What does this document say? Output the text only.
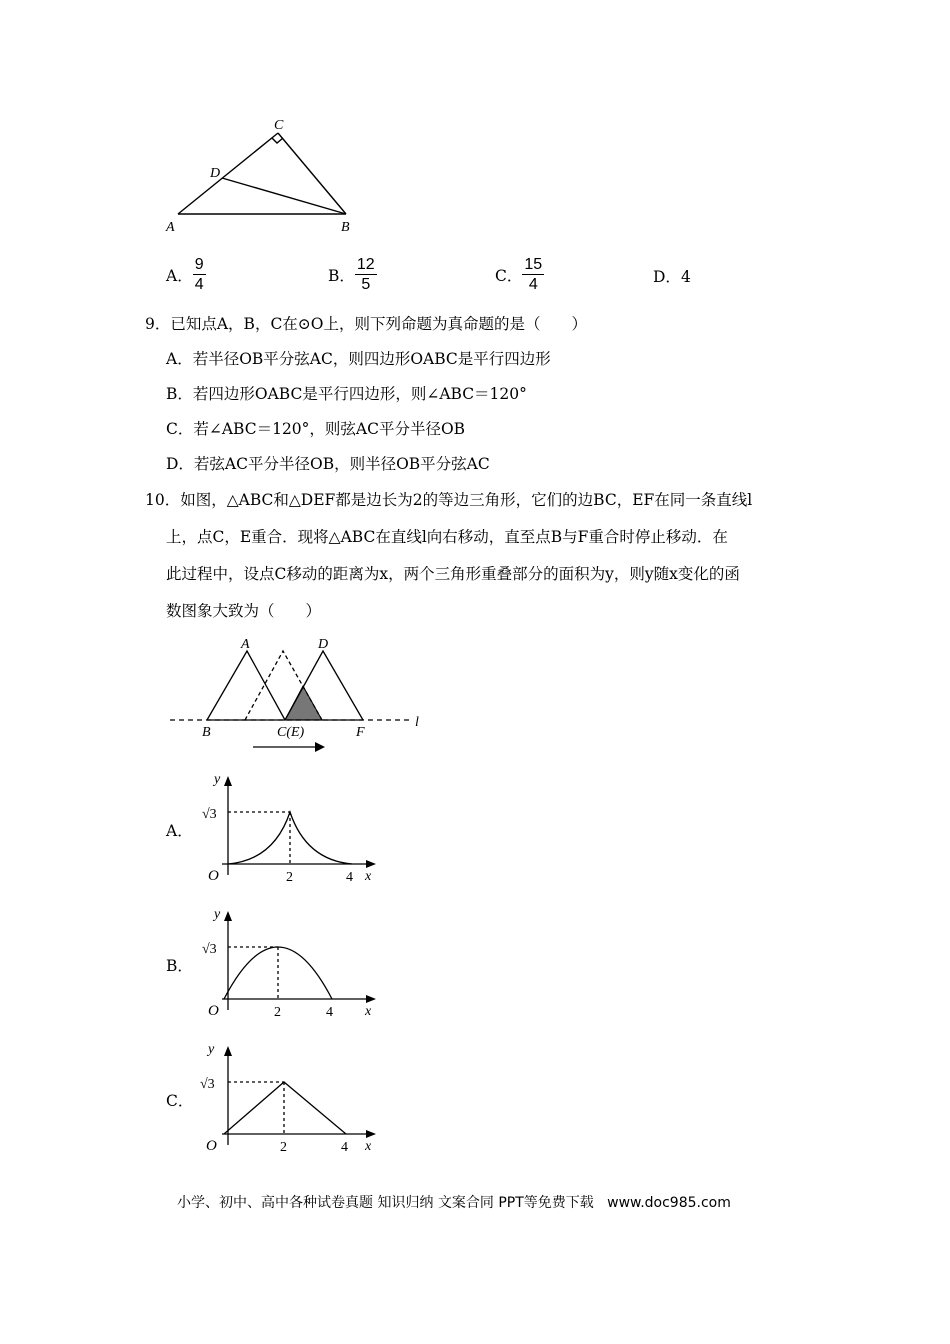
C
D
A	B
A． $\frac{9}{4}$	B． $\frac{12}{5}$	C． $\frac{15}{4}$	D．4
9．已知点A，B，C在⊙O上，则下列命题为真命题的是（　　）
A．若半径OB平分弦AC，则四边形OABC是平行四边形
B．若四边形OABC是平行四边形，则∠ABC＝120°
C．若∠ABC＝120°，则弦AC平分半径OB
D．若弦AC平分半径OB，则半径OB平分弦AC
10．如图，△ABC和△DEF都是边长为2的等边三角形，它们的边BC，EF在同一条直线l
上，点C，E重合．现将△ABC在直线l向右移动，直至点B与F重合时停止移动．在
此过程中，设点C移动的距离为x，两个三角形重叠部分的面积为y，则y随x变化的函
数图象大致为（　　）
A	D
B	C(E)	F
l
A．
y
x
O
√3
2	4
B．
y
x
O
√3
2	4
C．
y
x
O
√3
2	4
小学、初中、高中各种试卷真题 知识归纳 文案合同 PPT等免费下载   www.doc985.com
